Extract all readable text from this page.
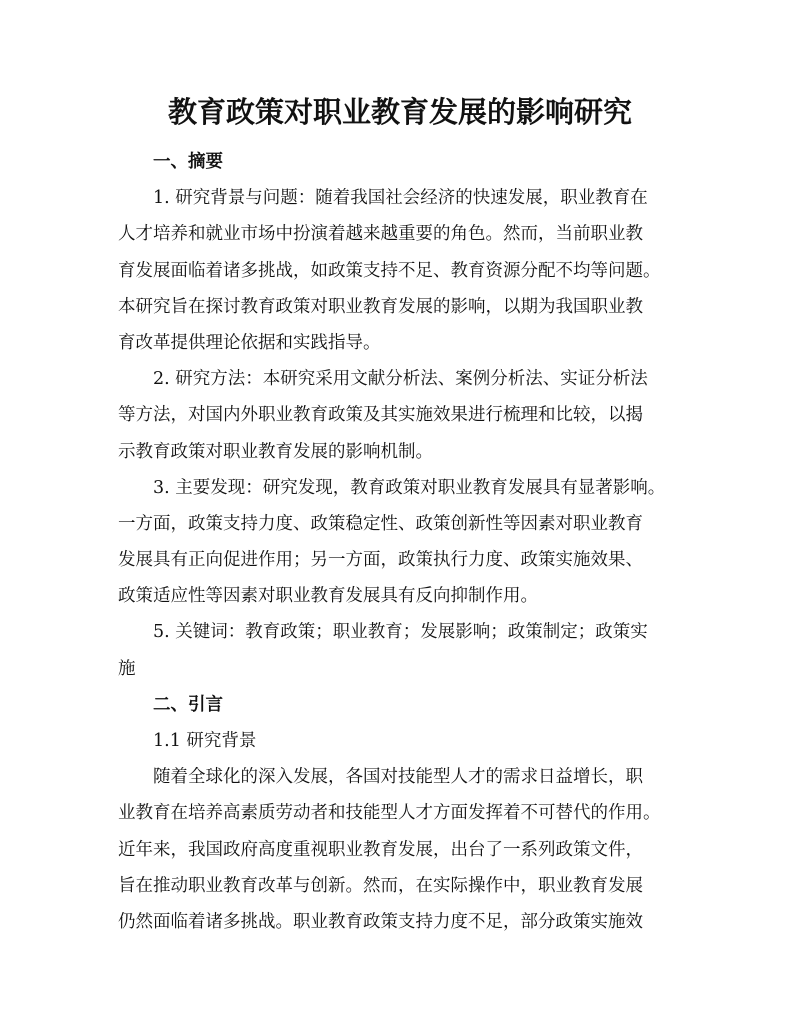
教育政策对职业教育发展的影响研究
一、摘要
1. 研究背景与问题：随着我国社会经济的快速发展，职业教育在
人才培养和就业市场中扮演着越来越重要的角色。然而，当前职业教
育发展面临着诸多挑战，如政策支持不足、教育资源分配不均等问题。
本研究旨在探讨教育政策对职业教育发展的影响，以期为我国职业教
育改革提供理论依据和实践指导。
2. 研究方法：本研究采用文献分析法、案例分析法、实证分析法
等方法，对国内外职业教育政策及其实施效果进行梳理和比较，以揭
示教育政策对职业教育发展的影响机制。
3. 主要发现：研究发现，教育政策对职业教育发展具有显著影响。
一方面，政策支持力度、政策稳定性、政策创新性等因素对职业教育
发展具有正向促进作用；另一方面，政策执行力度、政策实施效果、
政策适应性等因素对职业教育发展具有反向抑制作用。
5. 关键词：教育政策；职业教育；发展影响；政策制定；政策实
施
二、引言
1.1 研究背景
随着全球化的深入发展，各国对技能型人才的需求日益增长，职
业教育在培养高素质劳动者和技能型人才方面发挥着不可替代的作用。
近年来，我国政府高度重视职业教育发展，出台了一系列政策文件，
旨在推动职业教育改革与创新。然而，在实际操作中，职业教育发展
仍然面临着诸多挑战。职业教育政策支持力度不足，部分政策实施效
